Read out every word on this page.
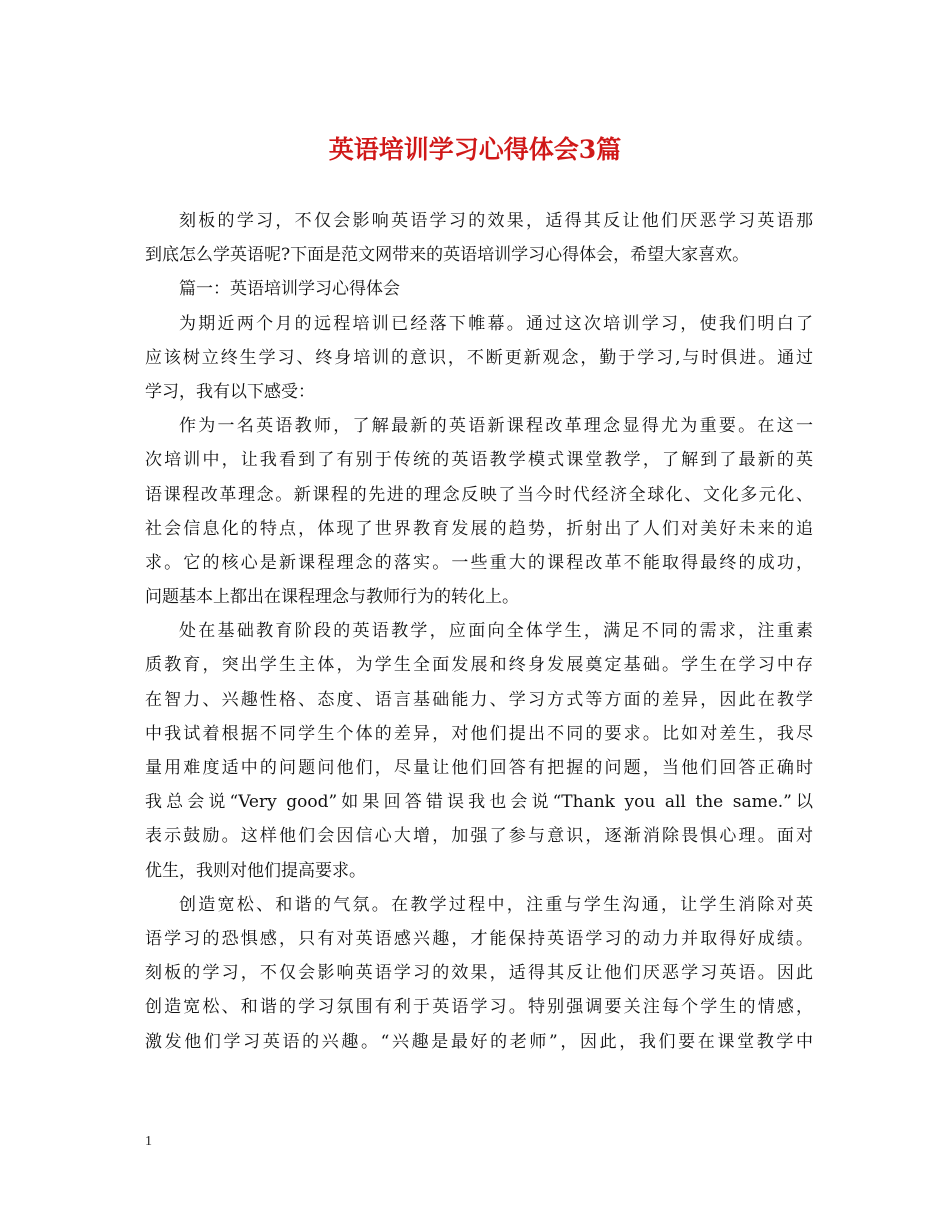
英语培训学习心得体会3篇
刻板的学习，不仅会影响英语学习的效果，适得其反让他们厌恶学习英语那
到底怎么学英语呢?下面是范文网带来的英语培训学习心得体会，希望大家喜欢。
篇一：英语培训学习心得体会
为期近两个月的远程培训已经落下帷幕。通过这次培训学习，使我们明白了
应该树立终生学习、终身培训的意识，不断更新观念，勤于学习,与时俱进。通过
学习，我有以下感受：
作为一名英语教师，了解最新的英语新课程改革理念显得尤为重要。在这一
次培训中，让我看到了有别于传统的英语教学模式课堂教学，了解到了最新的英
语课程改革理念。新课程的先进的理念反映了当今时代经济全球化、文化多元化、
社会信息化的特点，体现了世界教育发展的趋势，折射出了人们对美好未来的追
求。它的核心是新课程理念的落实。一些重大的课程改革不能取得最终的成功，
问题基本上都出在课程理念与教师行为的转化上。
处在基础教育阶段的英语教学，应面向全体学生，满足不同的需求，注重素
质教育，突出学生主体，为学生全面发展和终身发展奠定基础。学生在学习中存
在智力、兴趣性格、态度、语言基础能力、学习方式等方面的差异，因此在教学
中我试着根据不同学生个体的差异，对他们提出不同的要求。比如对差生，我尽
量用难度适中的问题问他们，尽量让他们回答有把握的问题，当他们回答正确时
我总会说“Very good”如果回答错误我也会说“Thank you all the same.”以
表示鼓励。这样他们会因信心大增，加强了参与意识，逐渐消除畏惧心理。面对
优生，我则对他们提高要求。
创造宽松、和谐的气氛。在教学过程中，注重与学生沟通，让学生消除对英
语学习的恐惧感，只有对英语感兴趣，才能保持英语学习的动力并取得好成绩。
刻板的学习，不仅会影响英语学习的效果，适得其反让他们厌恶学习英语。因此
创造宽松、和谐的学习氛围有利于英语学习。特别强调要关注每个学生的情感，
激发他们学习英语的兴趣。“兴趣是最好的老师”，因此，我们要在课堂教学中
1
